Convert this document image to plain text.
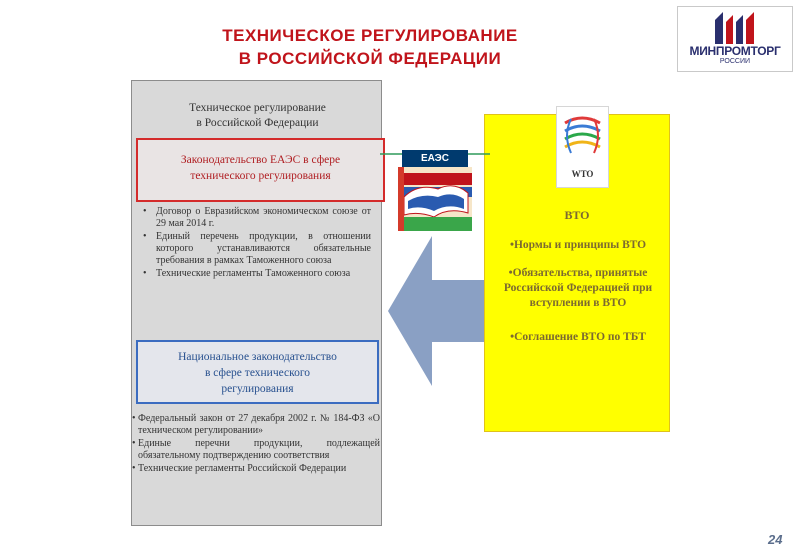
ТЕХНИЧЕСКОЕ РЕГУЛИРОВАНИЕ
В РОССИЙСКОЙ ФЕДЕРАЦИИ	МИНПРОМТОРГ
РОССИИ
Техническое регулирование
в Российской Федерации
Законодательство ЕАЭС в сфере
технического регулирования
• Договор о Евразийском экономическом союзе от 29 мая 2014 г.
• Единый перечень продукции, в отношении которого устанавливаются обязательные требования в рамках Таможенного союза
• Технические регламенты Таможенного союза
Национальное законодательство
в сфере технического
регулирования
• Федеральный закон от 27 декабря 2002 г. № 184-ФЗ «О техническом регулировании»
• Единые перечни продукции, подлежащей обязательному подтверждению соответствия
• Технические регламенты Российской Федерации
WTO
ВТО
•Нормы и принципы ВТО
•Обязательства, принятые Российской Федерацией при вступлении в ВТО
•Соглашение ВТО по ТБТ
ЕАЭС
24
